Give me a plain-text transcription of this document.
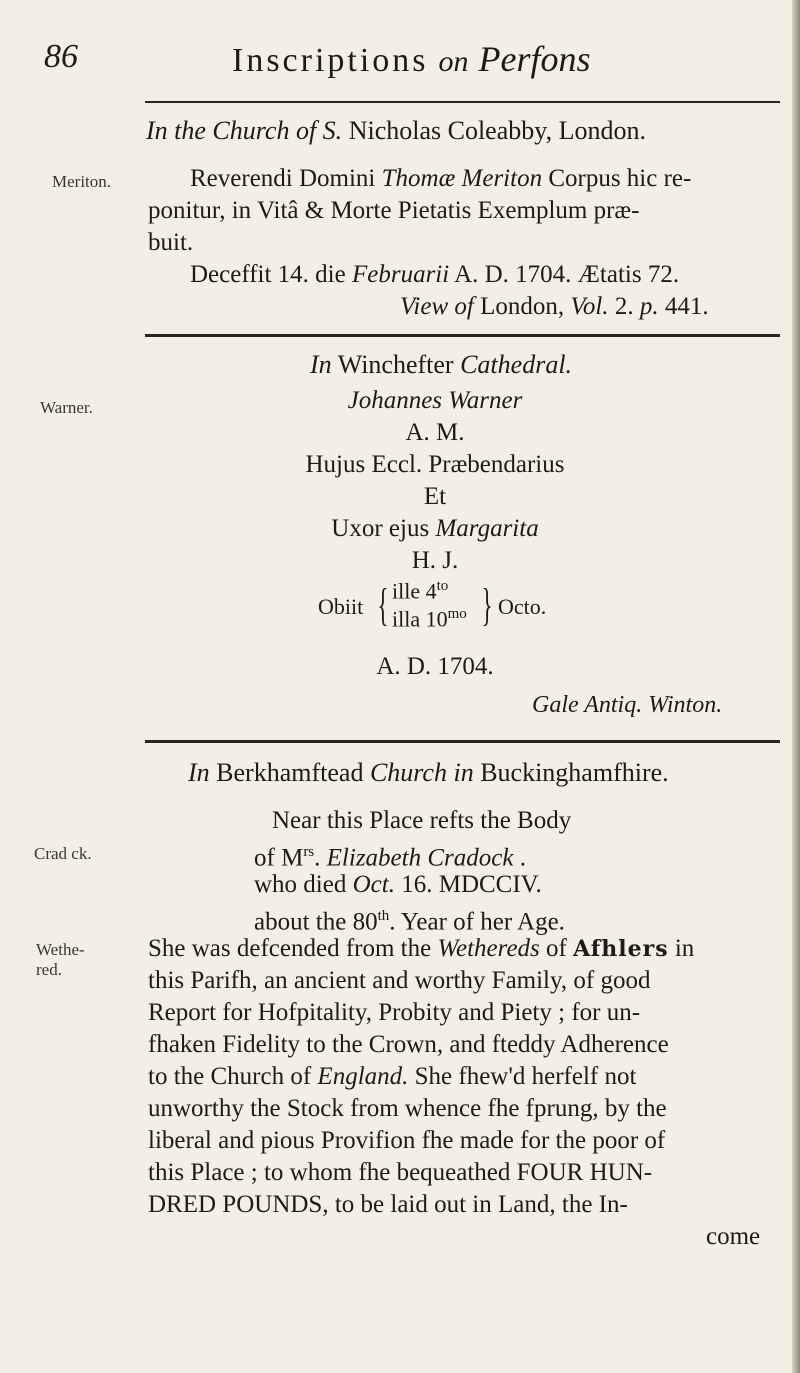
86	Inscriptions on Perfons
In the Church of S. Nicholas Coleabby, London.
Meriton.	Reverendi Domini Thomæ Meriton Corpus hic re-
ponitur, in Vitâ & Morte Pietatis Exemplum præ-
buit.
Deceffit 14. die Februarii A. D. 1704. Ætatis 72.
View of London, Vol. 2. p. 441.
In Winchefter Cathedral.
Warner.	Johannes Warner
A. M.
Hujus Eccl. Præbendarius
Et
Uxor ejus Margarita
H. J.
Obiit { ille $4^{to}$
illa $10^{mo}$ } Octo.
A. D. 1704.
Gale Antiq. Winton.
In Berkhamftead Church in Buckinghamfhire.
Near this Place refts the Body
Crad ck.	of $M^{rs}$. Elizabeth Cradock .
who died Oct. 16. MDCCIV.
about the 80th. Year of her Age.
Wethe-
red.
She was defcended from the Wethereds of Afhlers in
this Parifh, an ancient and worthy Family, of good
Report for Hofpitality, Probity and Piety ; for un-
fhaken Fidelity to the Crown, and fteddy Adherence
to the Church of England. She fhew'd herfelf not
unworthy the Stock from whence fhe fprung, by the
liberal and pious Provifion fhe made for the poor of
this Place ; to whom fhe bequeathed FOUR HUN-
DRED POUNDS, to be laid out in Land, the In-
come
